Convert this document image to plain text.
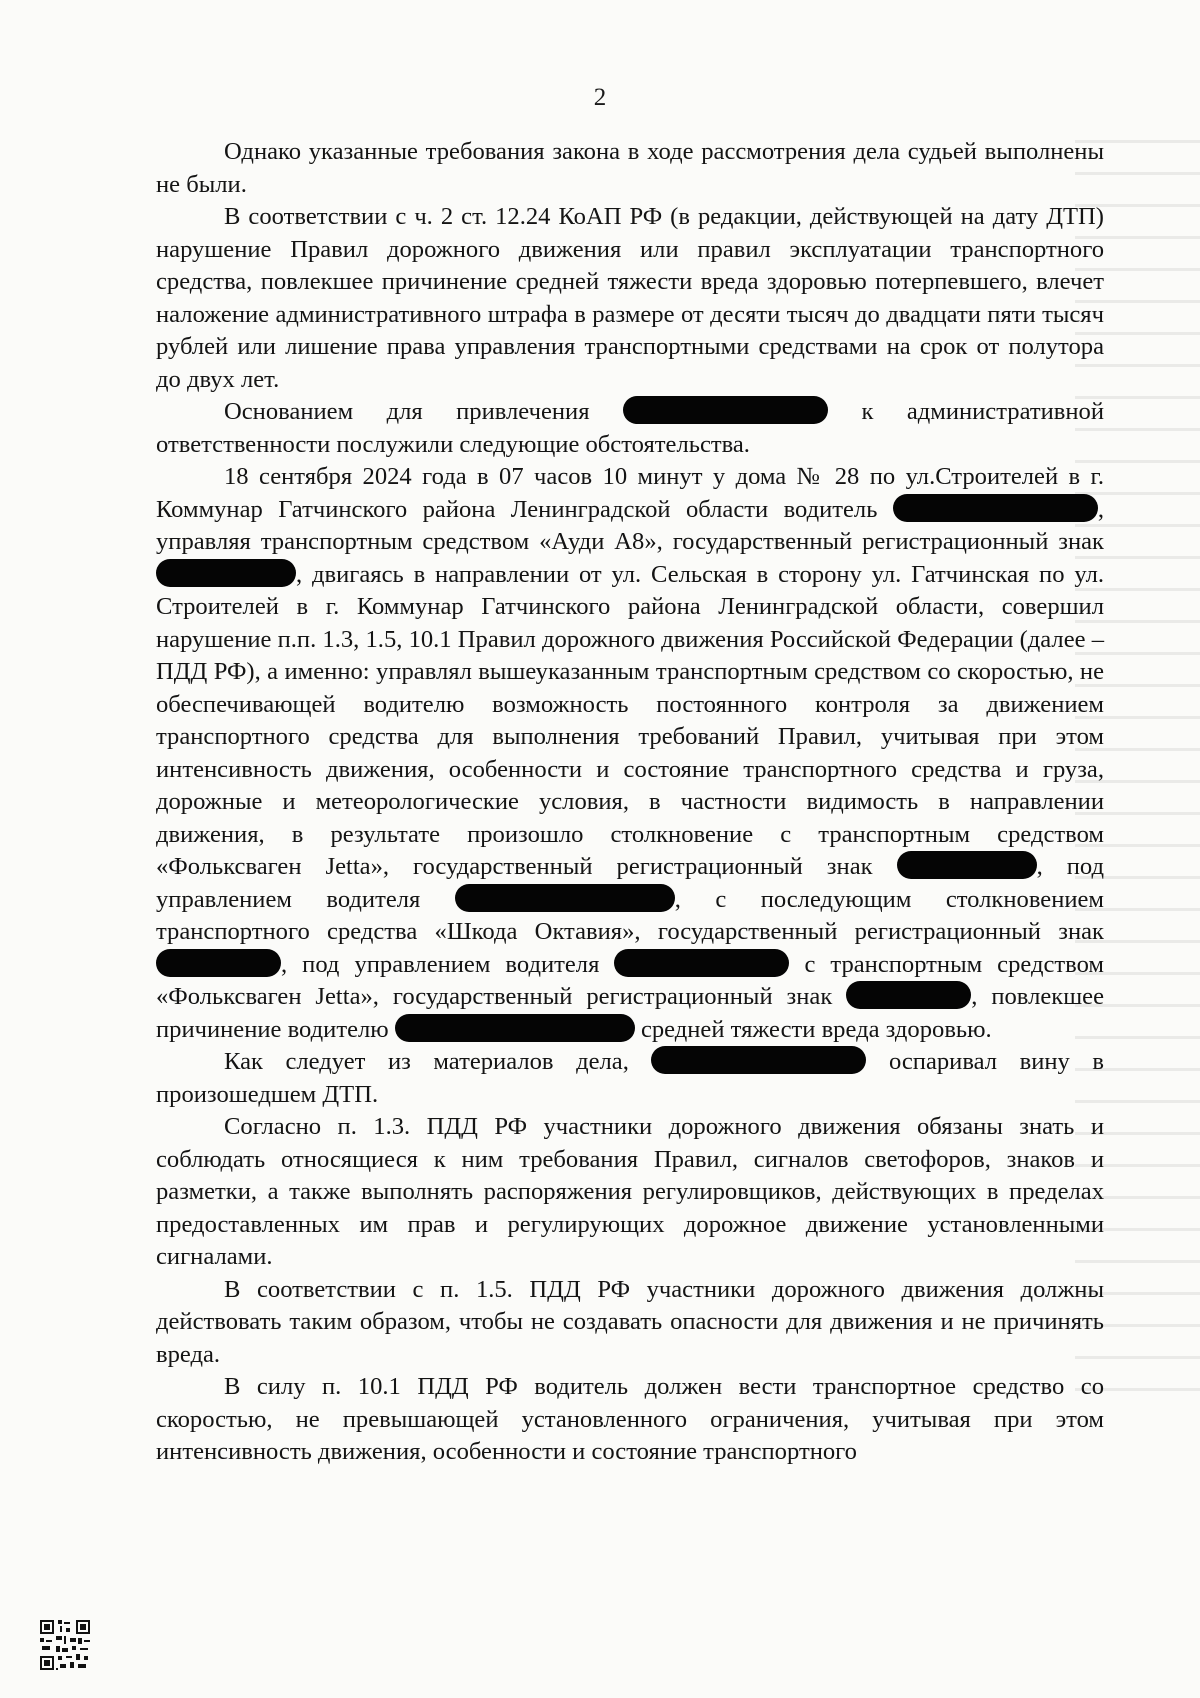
2

Однако указанные требования закона в ходе рассмотрения дела судьей выполнены не были.

В соответствии с ч. 2 ст. 12.24 КоАП РФ (в редакции, действующей на дату ДТП) нарушение Правил дорожного движения или правил эксплуатации транспортного средства, повлекшее причинение средней тяжести вреда здоровью потерпевшего, влечет наложение административного штрафа в размере от десяти тысяч до двадцати пяти тысяч рублей или лишение права управления транспортными средствами на срок от полутора до двух лет.

Основанием для привлечения	к административной ответственности послужили следующие обстоятельства.

18 сентября 2024 года в 07 часов 10 минут у дома № 28 по ул.Строителей в г. Коммунар Гатчинского района Ленинградской области водитель	, управляя транспортным средством «Ауди А8», государственный регистрационный знак , двигаясь в направлении от ул. Сельская в сторону ул. Гатчинская по ул. Строителей в г. Коммунар Гатчинского района Ленинградской области, совершил нарушение п.п. 1.3, 1.5, 10.1 Правил дорожного движения Российской Федерации (далее – ПДД РФ), а именно: управлял вышеуказанным транспортным средством со скоростью, не обеспечивающей водителю возможность постоянного контроля за движением транспортного средства для выполнения требований Правил, учитывая при этом интенсивность движения, особенности и состояние транспортного средства и груза, дорожные и метеорологические условия, в частности видимость в направлении движения, в результате произошло столкновение с транспортным средством «Фольксваген Jetta», государственный регистрационный знак	, под управлением водителя	, с последующим столкновением транспортного средства «Шкода Октавия», государственный регистрационный знак , под управлением водителя	с транспортным средством «Фольксваген Jetta», государственный регистрационный знак	, повлекшее причинение водителю	средней тяжести вреда здоровью.

Как следует из материалов дела,	оспаривал вину в произошедшем ДТП.

Согласно п. 1.3. ПДД РФ участники дорожного движения обязаны знать и соблюдать относящиеся к ним требования Правил, сигналов светофоров, знаков и разметки, а также выполнять распоряжения регулировщиков, действующих в пределах предоставленных им прав и регулирующих дорожное движение установленными сигналами.

В соответствии с п. 1.5. ПДД РФ участники дорожного движения должны действовать таким образом, чтобы не создавать опасности для движения и не причинять вреда.

В силу п. 10.1 ПДД РФ водитель должен вести транспортное средство со скоростью, не превышающей установленного ограничения, учитывая при этом интенсивность движения, особенности и состояние транспортного
